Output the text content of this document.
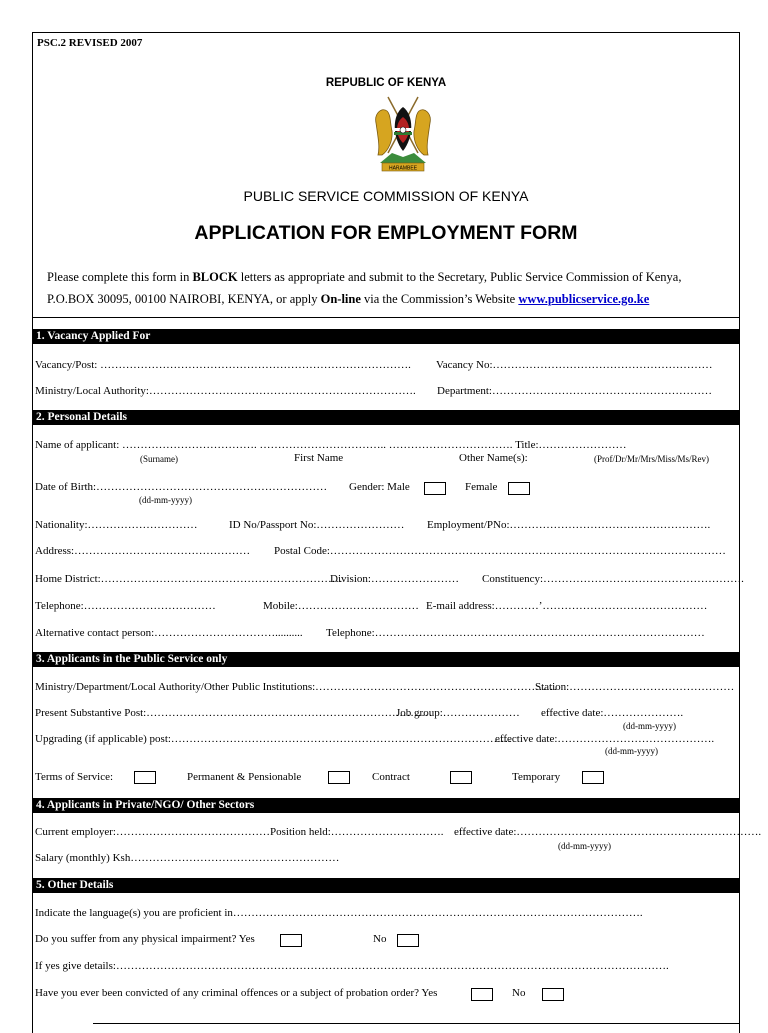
PSC.2 REVISED 2007
REPUBLIC OF KENYA
HARAMBEE
PUBLIC SERVICE COMMISSION OF KENYA
APPLICATION FOR EMPLOYMENT FORM
Please complete this form in BLOCK letters as appropriate and submit to the Secretary, Public Service Commission of Kenya,
P.O.BOX 30095, 00100 NAIROBI, KENYA, or apply On-line via the Commission’s Website www.publicservice.go.ke
1. Vacancy Applied For
Vacancy/Post: …………………………………………………………………………. Vacancy No:……………………………………………………
Ministry/Local Authority:………………………………………………………………. Department:……………………………………………………
2. Personal Details
Name of applicant: ………………………………. …………………………….. ……………………………. Title:……………………
(Surname)	First Name	Other Name(s):	(Prof/Dr/Mr/Mrs/Miss/Ms/Rev)
Date of Birth:………………………………………………………
(dd-mm-yyyy)
Gender: Male	Female
Nationality:…………………………	ID No/Passport No:…………………… Employment/PNo:……………………………………………….
Address:………………………………………… Postal Code:………………………………………………………………………………………………
Home District:…………………………………………………………
Division:…………………… Constituency:……………………………………………….
Telephone:………………………………	Mobile:…………………………… E-mail address:…………’………………………………………
Alternative contact person:…………………………….......... Telephone:………………………………………………………………………………
3. Applicants in the Public Service only
Ministry/Department/Local Authority/Other Public Institutions:…………………………………………………………
Station:………………………………………
Present Substantive Post:……………………………………………………………………
Job group:………………… effective date:………………….
(dd-mm-yyyy)
Upgrading (if applicable) post:…………………………………………………………………………………
effective date:…………………………………….
(dd-mm-yyyy)
Terms of Service:	Permanent & Pensionable	Contract	Temporary
4. Applicants in Private/NGO/ Other Sectors
Current employer:…………………………………… Position held:…………………………. effective date:………………………………………………………….
(dd-mm-yyyy)
Salary (monthly) Ksh…………………………………………………
5. Other Details
Indicate the language(s) you are proficient in………………………………………………………………………………………………….
Do you suffer from any physical impairment? Yes	No
If yes give details:…………………………………………………………………………………………………………………………………….
Have you ever been convicted of any criminal offences or a subject of probation order? Yes	No
